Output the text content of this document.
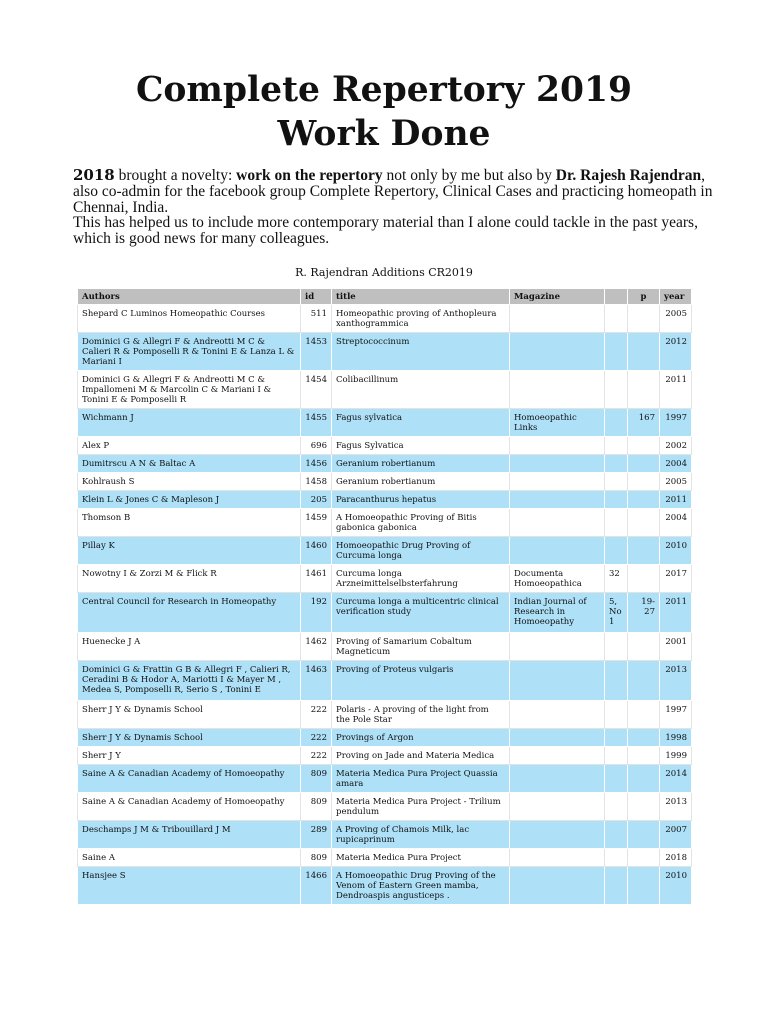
Complete Repertory 2019
Work Done

2018 brought a novelty: work on the repertory not only by me but also by Dr. Rajesh Rajendran, also co-admin for the facebook group Complete Repertory, Clinical Cases and practicing homeopath in Chennai, India.

This has helped us to include more contemporary material than I alone could tackle in the past years, which is good news for many colleagues.

R. Rajendran Additions CR2019
Authors	id	title	Magazine		p	year
Shepard C Luminos Homeopathic Courses	511	Homeopathic proving of Anthopleura xanthogrammica				2005
Dominici G & Allegri F & Andreotti M C & Calieri R & Pomposelli R & Tonini E & Lanza L & Mariani I	1453	Streptococcinum				2012
Dominici G & Allegri F & Andreotti M C & Impallomeni M & Marcolin C & Mariani I & Tonini E & Pomposelli R	1454	Colibacillinum				2011
Wichmann J	1455	Fagus sylvatica	Homoeopathic Links		167	1997
Alex P	696	Fagus Sylvatica				2002
Dumitrscu A N & Baltac A	1456	Geranium robertianum				2004
Kohlraush S	1458	Geranium robertianum				2005
Klein L & Jones C & Mapleson J	205	Paracanthurus hepatus				2011
Thomson B	1459	A Homoeopathic Proving of Bitis gabonica gabonica				2004
Pillay K	1460	Homoeopathic Drug Proving of Curcuma longa				2010
Nowotny I & Zorzi M & Flick R	1461	Curcuma longa Arzneimittelselbsterfahrung	Documenta Homoeopathica	32		2017
Central Council for Research in Homeopathy	192	Curcuma longa a multicentric clinical verification study	Indian Journal of Research in Homoeopathy	5, No 1	19-27	2011
Huenecke J A	1462	Proving of Samarium Cobaltum Magneticum				2001
Dominici G & Frattin G B & Allegri F , Calieri R, Ceradini B & Hodor A, Mariotti I & Mayer M , Medea S, Pomposelli R, Serio S , Tonini E	1463	Proving of Proteus vulgaris				2013
Sherr J Y & Dynamis School	222	Polaris - A proving of the light from the Pole Star				1997
Sherr J Y & Dynamis School	222	Provings of Argon				1998
Sherr J Y	222	Proving on Jade and Materia Medica				1999
Saine A & Canadian Academy of Homoeopathy	809	Materia Medica Pura Project Quassia amara				2014
Saine A & Canadian Academy of Homoeopathy	809	Materia Medica Pura Project - Trilium pendulum				2013
Deschamps J M & Tribouillard J M	289	A Proving of Chamois Milk, lac rupicaprinum				2007
Saine A	809	Materia Medica Pura Project				2018
Hansjee S	1466	A Homoeopathic Drug Proving of the Venom of Eastern Green mamba, Dendroaspis angusticeps .				2010
